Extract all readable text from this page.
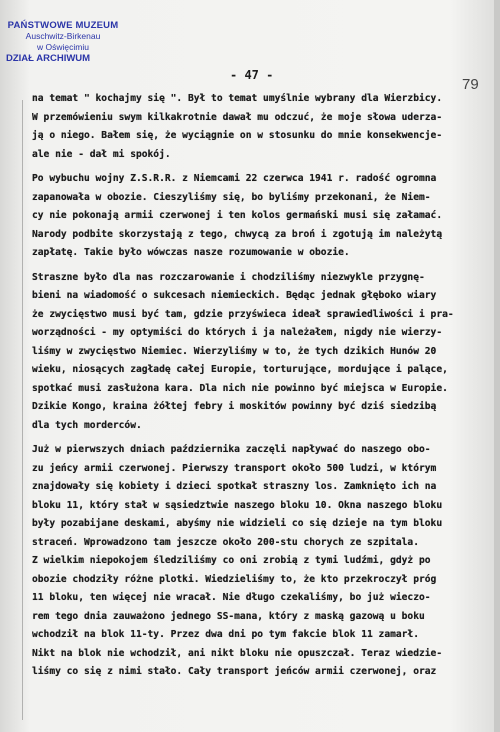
PAŃSTWOWE MUZEUM
Auschwitz-Birkenau
w Oświęcimiu
DZIAŁ ARCHIWUM
- 47 -
79
na temat " kochajmy się ". Był to temat umyślnie wybrany dla Wierzbicy.
W przemówieniu swym kilkakrotnie dawał mu odczuć, że moje słowa uderza-
ją o niego. Bałem się, że wyciągnie on w stosunku do mnie konsekwencje-
ale nie - dał mi spokój.
Po wybuchu wojny Z.S.R.R. z Niemcami 22 czerwca 1941 r. radość ogromna
zapanowała w obozie. Cieszyliśmy się, bo byliśmy przekonani, że Niem-
cy nie pokonają armii czerwonej i ten kolos germański musi się załamać.
Narody podbite skorzystają z tego, chwycą za broń i zgotują im należytą
zapłatę. Takie było wówczas nasze rozumowanie w obozie.
Straszne było dla nas rozczarowanie i chodziliśmy niezwykle przygnę-
bieni na wiadomość o sukcesach niemieckich. Będąc jednak głęboko wiary
że zwycięstwo musi być tam, gdzie przyświeca ideał sprawiedliwości i pra-
worządności - my optymiści do których i ja należałem, nigdy nie wierzy-
liśmy w zwycięstwo Niemiec. Wierzyliśmy w to, że tych dzikich Hunów 20
wieku, niosących zagładę całej Europie, torturujące, mordujące i palące,
spotkać musi zasłużona kara. Dla nich nie powinno być miejsca w Europie.
Dzikie Kongo, kraina żółtej febry i moskitów powinny być dziś siedzibą
dla tych morderców.
Już w pierwszych dniach października zaczęli napływać do naszego obo-
zu jeńcy armii czerwonej. Pierwszy transport około 500 ludzi, w którym
znajdowały się kobiety i dzieci spotkał straszny los. Zamknięto ich na
bloku 11, który stał w sąsiedztwie naszego bloku 10. Okna naszego bloku
były pozabijane deskami, abyśmy nie widzieli co się dzieje na tym bloku
straceń. Wprowadzono tam jeszcze około 200-stu chorych ze szpitala.
Z wielkim niepokojem śledziliśmy co oni zrobią z tymi ludźmi, gdyż po
obozie chodziły różne plotki. Wiedzieliśmy to, że kto przekroczył próg
11 bloku, ten więcej nie wracał. Nie długo czekaliśmy, bo już wieczo-
rem tego dnia zauważono jednego SS-mana, który z maską gazową u boku
wchodził na blok 11-ty. Przez dwa dni po tym fakcie blok 11 zamarł.
Nikt na blok nie wchodził, ani nikt bloku nie opuszczał. Teraz wiedzie-
liśmy co się z nimi stało. Cały transport jeńców armii czerwonej, oraz
